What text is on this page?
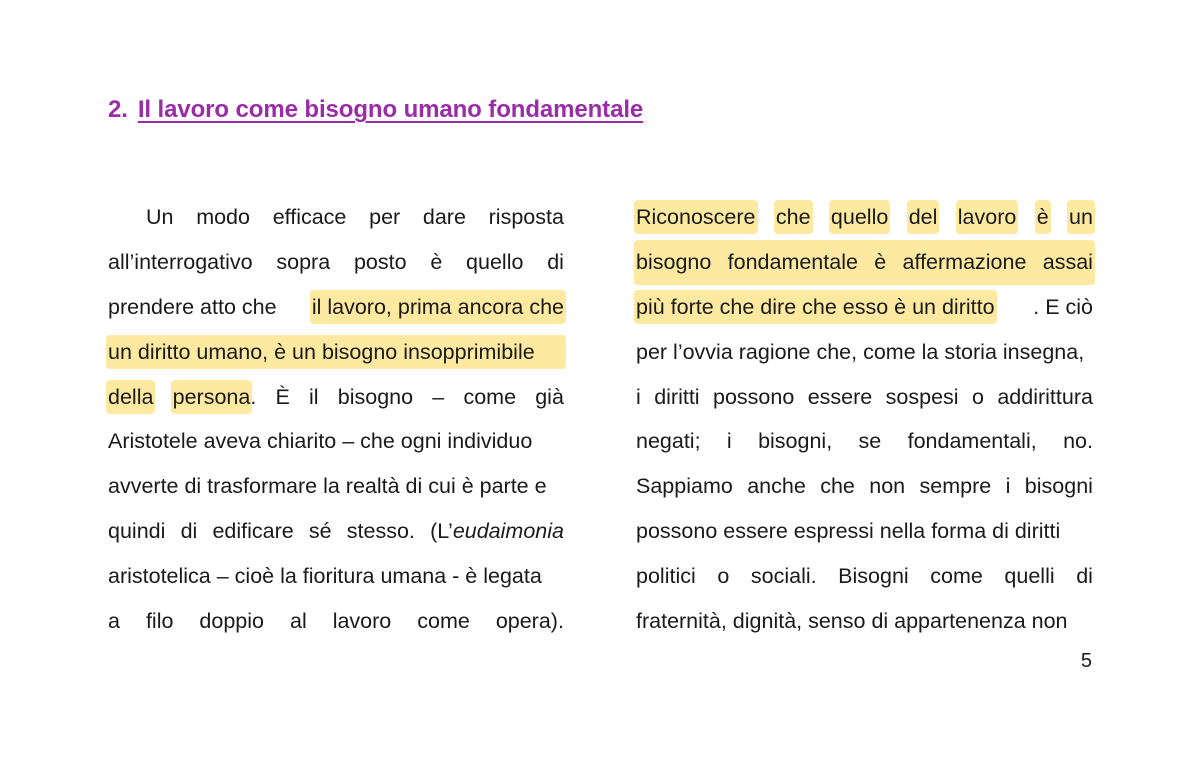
2. Il lavoro come bisogno umano fondamentale
Un modo efficace per dare risposta
all’interrogativo sopra posto è quello di
prendere atto che il lavoro, prima ancora che
un diritto umano, è un bisogno insopprimibile
della persona . È il bisogno – come già
Aristotele aveva chiarito – che ogni individuo
avverte di trasformare la realtà di cui è parte e
quindi di edificare sé stesso. (L’ eudaimonia
aristotelica – cioè la fioritura umana - è legata
a filo doppio al lavoro come opera).
Riconoscere che quello del lavoro è un
bisogno fondamentale è affermazione assai
più forte che dire che esso è un diritto . E ciò
per l’ovvia ragione che, come la storia insegna,
i diritti possono essere sospesi o addirittura
negati; i bisogni, se fondamentali, no.
Sappiamo anche che non sempre i bisogni
possono essere espressi nella forma di diritti
politici o sociali. Bisogni come quelli di
fraternità, dignità, senso di appartenenza non
5
